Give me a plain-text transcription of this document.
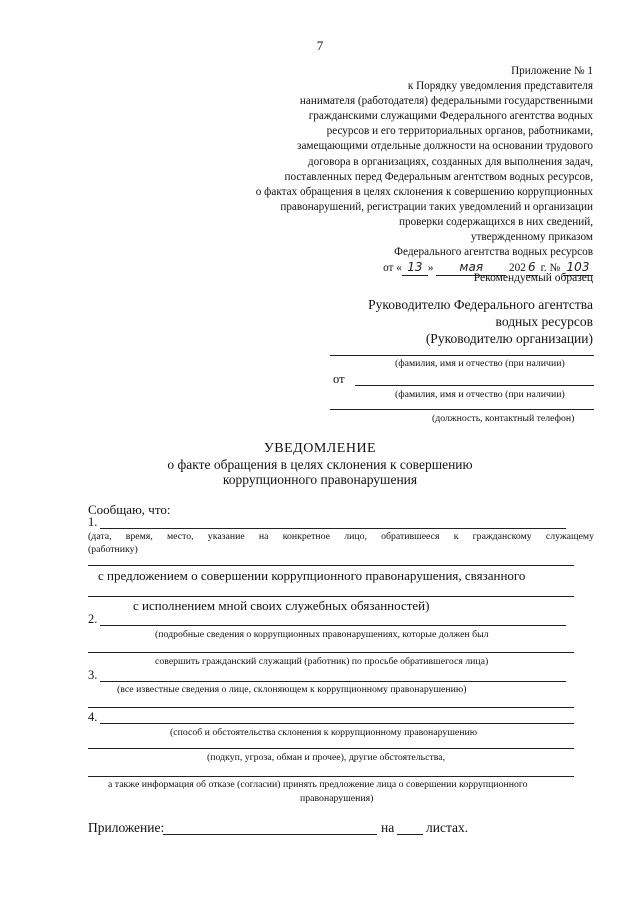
7
Приложение № 1
к Порядку уведомления представителя
нанимателя (работодателя) федеральными государственными
гражданскими служащими Федерального агентства водных
ресурсов и его территориальных органов, работниками,
замещающими отдельные должности на основании трудового
договора в организациях, созданных для выполнения задач,
поставленных перед Федеральным агентством водных ресурсов,
о фактах обращения в целях склонения к совершению коррупционных
правонарушений, регистрации таких уведомлений и организации
проверки содержащихся в них сведений,
утвержденному приказом
Федерального агентства водных ресурсов
от « 13 » мая 202 6 г. № 103
Рекомендуемый образец
Руководителю Федерального агентства
водных ресурсов
(Руководителю организации)
(фамилия, имя и отчество (при наличии)
от
(фамилия, имя и отчество (при наличии)
(должность, контактный телефон)
УВЕДОМЛЕНИЕ
о факте обращения в целях склонения к совершению
коррупционного правонарушения
Сообщаю, что:
1.
(дата, время, место, указание на конкретное лицо, обратившееся к гражданскому служащему
(работнику)
с предложением о совершении коррупционного правонарушения, связанного
с исполнением мной своих служебных обязанностей)
2.
(подробные сведения о коррупционных правонарушениях, которые должен был
совершить гражданский служащий (работник) по просьбе обратившегося лица)
3.
(все известные сведения о лице, склоняющем к коррупционному правонарушению)
4.
(способ и обстоятельства склонения к коррупционному правонарушению
(подкуп, угроза, обман и прочее), другие обстоятельства,
а также информация об отказе (согласии) принять предложение лица о совершении коррупционного
правонарушения)
Приложение:	на листах.
